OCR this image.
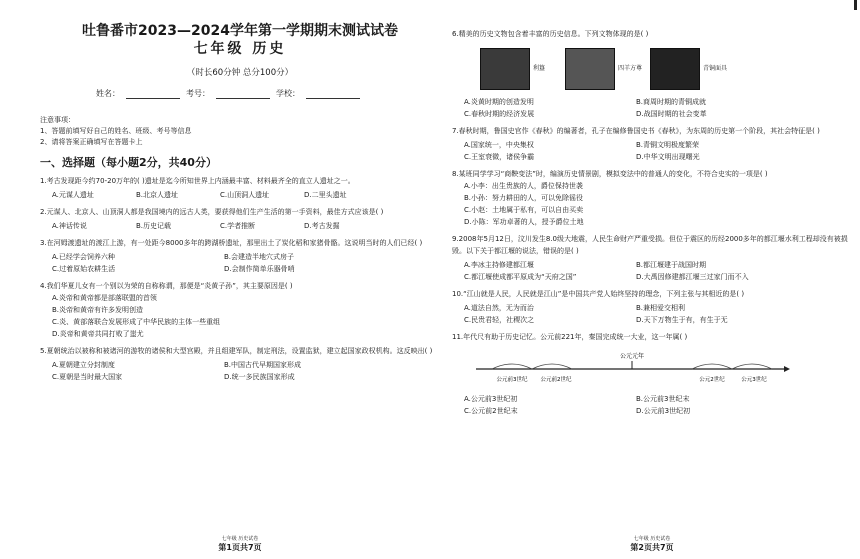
吐鲁番市2023—2024学年第一学期期末测试试卷
七年级 历史
（时长60分钟 总分100分）
姓名：	考号：	学校：
注意事项：
1、答题前填写好自己的姓名、班级、考号等信息
2、请将答案正确填写在答题卡上
一、选择题（每小题2分，共40分）
1.考古发现距今约70-20万年的( )遗址是迄今所知世界上内涵最丰富、材料最齐全的直立人遗址之一。
A.元谋人遗址	B.北京人遗址	C.山顶洞人遗址	D.二里头遗址
2.元谋人、北京人、山顶洞人都是我国境内的远古人类，要获得他们生产生活的第一手资料，最佳方式应该是( )
A.神话传说	B.历史记载	C.学者推断	D.考古发掘
3.在河姆渡遗址的渡江上游，有一处距今8000多年的跨湖桥遗址，那里出土了炭化稻和家猪骨骼。这说明当时的人们已经( )
A.已经学会饲养六种	B.会建造半地穴式房子
C.过着原始农耕生活	D.会制作简单乐器骨哨
4.我们华夏儿女有一个别以为荣的自称称谓，那便是“炎黄子孙”，其主要原因是( )
A.炎帝和黄帝都是部落联盟的首领
B.炎帝和黄帝有许多发明创造
C.炎、黄部落联合发展形成了中华民族的主体一些重组
D.炎帝和黄帝共同打败了蚩尤
5.夏朝统治以被称和被诸河的游牧的诸侯和大型宫殿，并且组建军队，制定刑法，设置监狱，建立起国家政权机构。这反映出( )
A.夏朝建立分封制度	B.中国古代早期国家形成
C.夏朝是当时最大国家	D.统一多民族国家形成
七年级 历史试卷
第1页共7页
6.精美的历史文物包含着丰富的历史信息。下列文物体现的是( )
利簋	四羊方尊	青铜面具
A.炎黄时期的创造发明	B.商周时期的青铜成就
C.春秋时期的经济发展	D.战国时期的社会变革
7.春秋时期，鲁国史官作《春秋》的编著者，孔子在编修鲁国史书《春秋》，为东周的历史第一个阶段，其社会特征是( )
A.国家统一，中央集权	B.青铜文明极度繁荣
C.王室衰微，诸侯争霸	D.中华文明出现曙光
8.某班同学学习“商鞅变法”时，编演历史情景剧，模拟变法中的普通人的变化，不符合史实的一项是( )
A.小李：出生贵族的人，爵位保持世袭
B.小孙：努力耕田的人，可以免除徭役
C.小赵：土地属于私有，可以自由买卖
D.小陈：军功卓著的人，授予爵位土地
9.2008年5月12日，汶川发生8.0级大地震，人民生命财产严重受损。但位于震区的历经2000多年的都江堰水利工程却没有被损毁。以下关于都江堰的说法，错误的是( )
A.李冰主持修建都江堰	B.都江堰建于战国时期
C.都江堰使成都平原成为“天府之国”	D.大禹因修建都江堰三过家门而不入
10.“江山就是人民，人民就是江山”是中国共产党人始终坚持的理念，下列主张与其相近的是( )
A.道法自然，无为而治	B.兼相爱交相利
C.民贵君轻，社稷次之	D.天下万物生于有，有生于无
11.年代尺有助于历史记忆。公元前221年，秦国完成统一大业，这一年属( )
公元元年
公元前3世纪 公元前2世纪	公元2世纪	公元3世纪
A.公元前3世纪初	B.公元前3世纪末
C.公元前2世纪末	D.公元前3世纪初
七年级 历史试卷
第2页共7页
